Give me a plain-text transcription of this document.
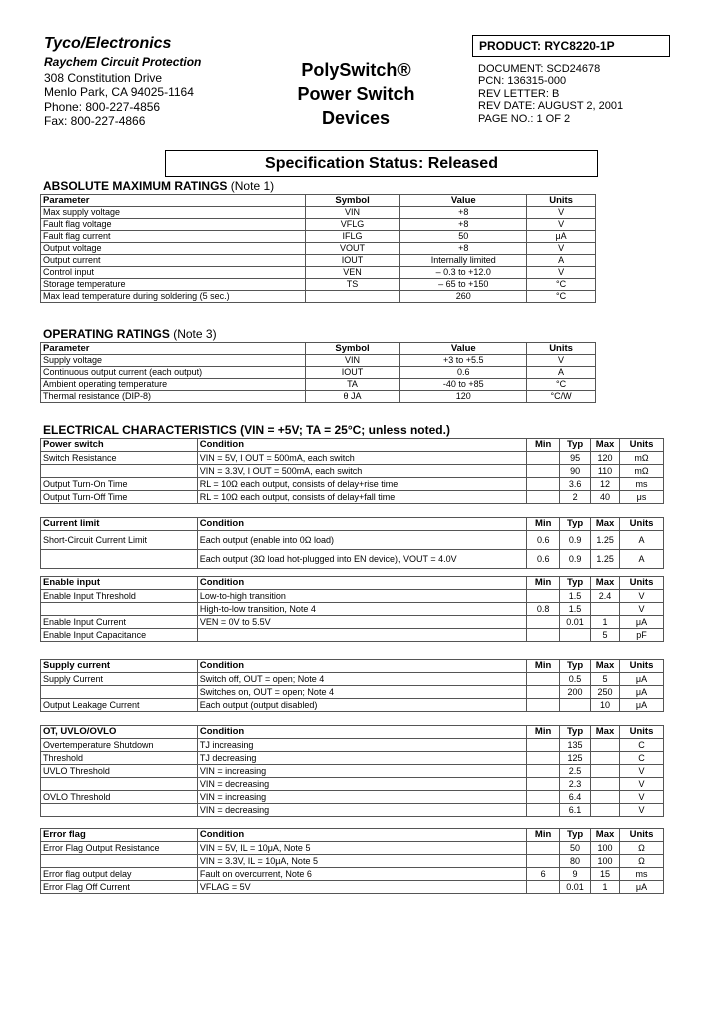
Tyco/Electronics
Raychem Circuit Protection
308 Constitution Drive
Menlo Park, CA 94025-1164
Phone: 800-227-4856
Fax: 800-227-4866
PolySwitch®
Power Switch
Devices
PRODUCT: RYC8220-1P
DOCUMENT: SCD24678
PCN: 136315-000
REV LETTER: B
REV DATE: AUGUST 2, 2001
PAGE NO.: 1 OF 2
Specification Status: Released
ABSOLUTE MAXIMUM RATINGS (Note 1)
Parameter	Symbol	Value	Units
Max supply voltage	VIN	+8	V
Fault flag voltage	VFLG	+8	V
Fault flag current	IFLG	50	μA
Output voltage	VOUT	+8	V
Output current	IOUT	Internally limited	A
Control input	VEN	– 0.3 to +12.0	V
Storage temperature	TS	– 65 to +150	°C
Max lead temperature during soldering (5 sec.)		260	°C
OPERATING RATINGS (Note 3)
Parameter	Symbol	Value	Units
Supply voltage	VIN	+3 to +5.5	V
Continuous output current (each output)	IOUT	0.6	A
Ambient operating temperature	TA	-40 to +85	°C
Thermal resistance (DIP-8)	θ JA	120	°C/W
ELECTRICAL CHARACTERISTICS (VIN = +5V; TA = 25°C; unless noted.)
Power switch	Condition	Min	Typ	Max	Units
Switch Resistance	VIN = 5V, I OUT = 500mA, each switch		95	120	mΩ
	VIN = 3.3V, I OUT = 500mA, each switch		90	110	mΩ
Output Turn-On Time	RL = 10Ω each output, consists of delay+rise time		3.6	12	ms
Output Turn-Off Time	RL = 10Ω each output, consists of delay+fall time		2	40	μs
Current limit	Condition	Min	Typ	Max	Units
Short-Circuit Current Limit	Each output (enable into 0Ω load)	0.6	0.9	1.25	A
	Each output (3Ω load hot-plugged into EN device), VOUT = 4.0V	0.6	0.9	1.25	A
Enable input	Condition	Min	Typ	Max	Units
Enable Input Threshold	Low-to-high transition		1.5	2.4	V
	High-to-low transition, Note 4	0.8	1.5		V
Enable Input Current	VEN = 0V to 5.5V		0.01	1	μA
Enable Input Capacitance				5	pF
Supply current	Condition	Min	Typ	Max	Units
Supply Current	Switch off, OUT = open; Note 4		0.5	5	μA
	Switches on, OUT = open; Note 4		200	250	μA
Output Leakage Current	Each output (output disabled)			10	μA
OT, UVLO/OVLO	Condition	Min	Typ	Max	Units
Overtemperature Shutdown	TJ increasing		135		C
Threshold	TJ decreasing		125		C
UVLO Threshold	VIN = increasing		2.5		V
	VIN = decreasing		2.3		V
OVLO Threshold	VIN = increasing		6.4		V
	VIN = decreasing		6.1		V
Error flag	Condition	Min	Typ	Max	Units
Error Flag Output Resistance	VIN = 5V, IL = 10μA, Note 5		50	100	Ω
	VIN = 3.3V, IL = 10μA, Note 5		80	100	Ω
Error flag output delay	Fault on overcurrent, Note 6	6	9	15	ms
Error Flag Off Current	VFLAG = 5V		0.01	1	μA
